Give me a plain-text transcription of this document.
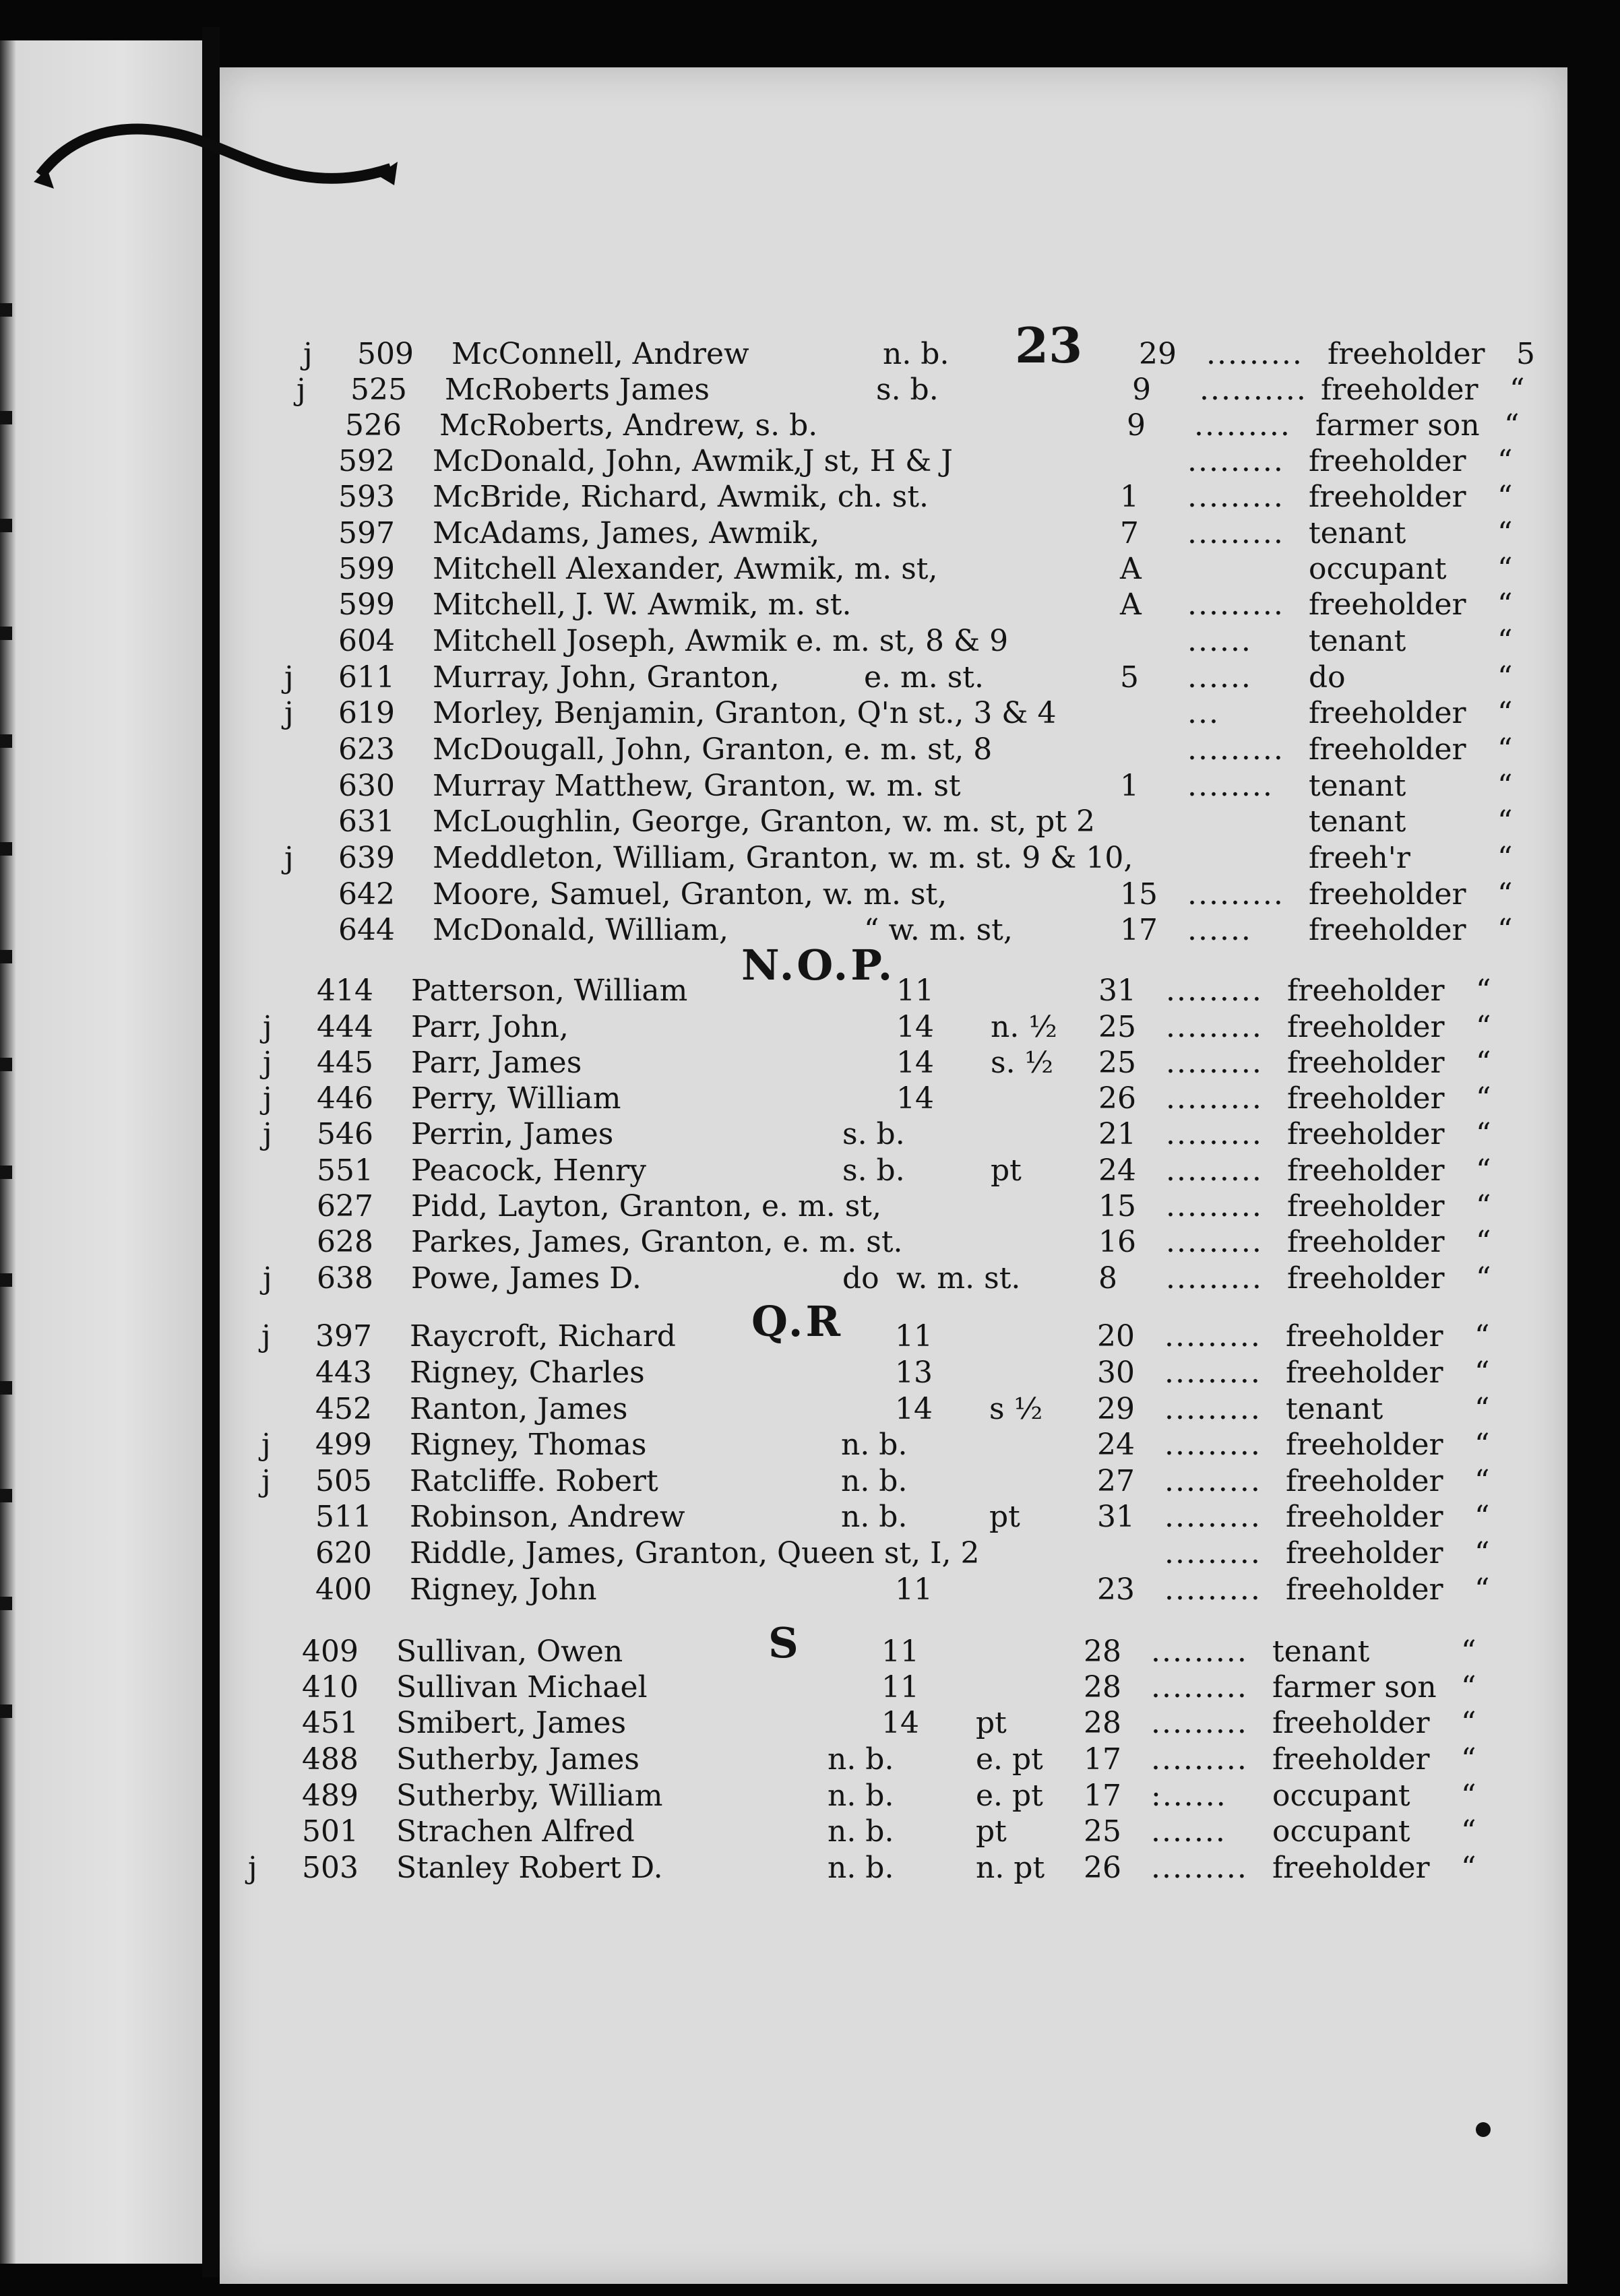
23
j 509 McConnell, Andrew	n. b.	29 ......... freeholder 5
j 525 McRoberts James	s. b.	9 .......... freeholder “
526 McRoberts, Andrew, s. b.	9 ......... farmer son “
592 McDonald, John, Awmik,J st, H & J	......... freeholder “
593 McBride, Richard, Awmik, ch. st.	1 ......... freeholder “
597 McAdams, James, Awmik,	7 ......... tenant	“
599 Mitchell Alexander, Awmik, m. st,	A	occupant “
599 Mitchell, J. W. Awmik, m. st.	A ......... freeholder “
604 Mitchell Joseph, Awmik e. m. st, 8 & 9	...... tenant	“
j 611 Murray, John, Granton,	e. m. st.	5 ...... do	“
j 619 Morley, Benjamin, Granton, Q'n st., 3 & 4	...	freeholder “
623 McDougall, John, Granton, e. m. st, 8	......... freeholder “
630 Murray Matthew, Granton, w. m. st	1 ........ tenant	“
631 McLoughlin, George, Granton, w. m. st, pt 2	tenant	“
j 639 Meddleton, William, Granton, w. m. st. 9 & 10,	freeh'r	“
642 Moore, Samuel, Granton, w. m. st,	15 ......... freeholder “
644 McDonald, William,	“ w. m. st,	17 ...... freeholder “
N.O.P.
414 Patterson, William	11	31 ......... freeholder “
j 444 Parr, John,	14 n. ½ 25 ......... freeholder “
j 445 Parr, James	14 s. ½ 25 ......... freeholder “
j 446 Perry, William	14	26 ......... freeholder “
j 546 Perrin, James	s. b.	21 ......... freeholder “
551 Peacock, Henry	s. b.	pt	24 ......... freeholder “
627 Pidd, Layton, Granton, e. m. st,	15 ......... freeholder “
628 Parkes, James, Granton, e. m. st.	16 ......... freeholder “
j 638 Powe, James D.	do w. m. st.	8 ......... freeholder “
Q.R
j 397 Raycroft, Richard	11	20 ......... freeholder “
443 Rigney, Charles	13	30 ......... freeholder “
452 Ranton, James	14 s ½ 29 ......... tenant	“
j 499 Rigney, Thomas	n. b.	24 ......... freeholder “
j 505 Ratcliffe. Robert	n. b.	27 ......... freeholder “
511 Robinson, Andrew	n. b.	pt	31 ......... freeholder “
620 Riddle, James, Granton, Queen st, I, 2	......... freeholder “
400 Rigney, John	11	23 ......... freeholder “
S
409 Sullivan, Owen	11	28 ......... tenant	“
410 Sullivan Michael	11	28 ......... farmer son “
451 Smibert, James	14 pt	28 ......... freeholder “
488 Sutherby, James	n. b.	e. pt 17 ......... freeholder “
489 Sutherby, William	n. b.	e. pt 17 :...... occupant “
501 Strachen Alfred	n. b.	pt	25 ....... occupant “
j 503 Stanley Robert D.	n. b.	n. pt 26 ......... freeholder “
